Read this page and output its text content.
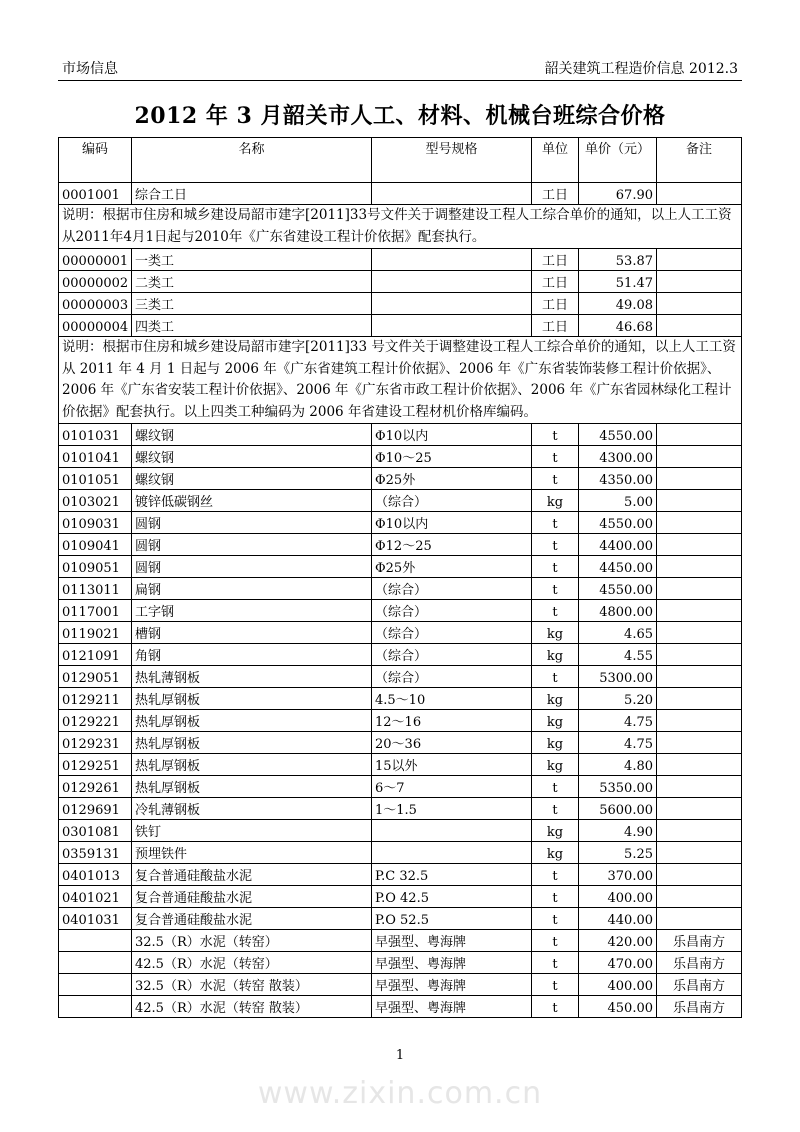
市场信息	韶关建筑工程造价信息 2012.3
2012 年 3 月韶关市人工、材料、机械台班综合价格
编码	名称	型号规格	单位	单价（元）	备注
0001001	综合工日		工日	67.90	
说明：根据市住房和城乡建设局韶市建字[2011]33号文件关于调整建设工程人工综合单价的通知，以上人工工资从2011年4月1日起与2010年《广东省建设工程计价依据》配套执行。					
00000001	一类工		工日	53.87	
00000002	二类工		工日	51.47	
00000003	三类工		工日	49.08	
00000004	四类工		工日	46.68	
说明：根据市住房和城乡建设局韶市建字[2011]33 号文件关于调整建设工程人工综合单价的通知，以上人工工资从 2011 年 4 月 1 日起与 2006 年《广东省建筑工程计价依据》、2006 年《广东省装饰装修工程计价依据》、2006 年《广东省安装工程计价依据》、2006 年《广东省市政工程计价依据》、2006 年《广东省园林绿化工程计价依据》配套执行。以上四类工种编码为 2006 年省建设工程材机价格库编码。					
0101031	螺纹钢	Φ10以内	t	4550.00	
0101041	螺纹钢	Φ10～25	t	4300.00	
0101051	螺纹钢	Φ25外	t	4350.00	
0103021	镀锌低碳钢丝	（综合）	kg	5.00	
0109031	圆钢	Φ10以内	t	4550.00	
0109041	圆钢	Φ12～25	t	4400.00	
0109051	圆钢	Φ25外	t	4450.00	
0113011	扁钢	（综合）	t	4550.00	
0117001	工字钢	（综合）	t	4800.00	
0119021	槽钢	（综合）	kg	4.65	
0121091	角钢	（综合）	kg	4.55	
0129051	热轧薄钢板	（综合）	t	5300.00	
0129211	热轧厚钢板	4.5～10	kg	5.20	
0129221	热轧厚钢板	12～16	kg	4.75	
0129231	热轧厚钢板	20～36	kg	4.75	
0129251	热轧厚钢板	15以外	kg	4.80	
0129261	热轧厚钢板	6～7	t	5350.00	
0129691	冷轧薄钢板	1～1.5	t	5600.00	
0301081	铁钉		kg	4.90	
0359131	预埋铁件		kg	5.25	
0401013	复合普通硅酸盐水泥	P.C 32.5	t	370.00	
0401021	复合普通硅酸盐水泥	P.O 42.5	t	400.00	
0401031	复合普通硅酸盐水泥	P.O 52.5	t	440.00	
	32.5（R）水泥（转窑）	早强型、粤海牌	t	420.00	乐昌南方
	42.5（R）水泥（转窑）	早强型、粤海牌	t	470.00	乐昌南方
	32.5（R）水泥（转窑 散装）	早强型、粤海牌	t	400.00	乐昌南方
	42.5（R）水泥（转窑 散装）	早强型、粤海牌	t	450.00	乐昌南方
1
www.zixin.com.cn
